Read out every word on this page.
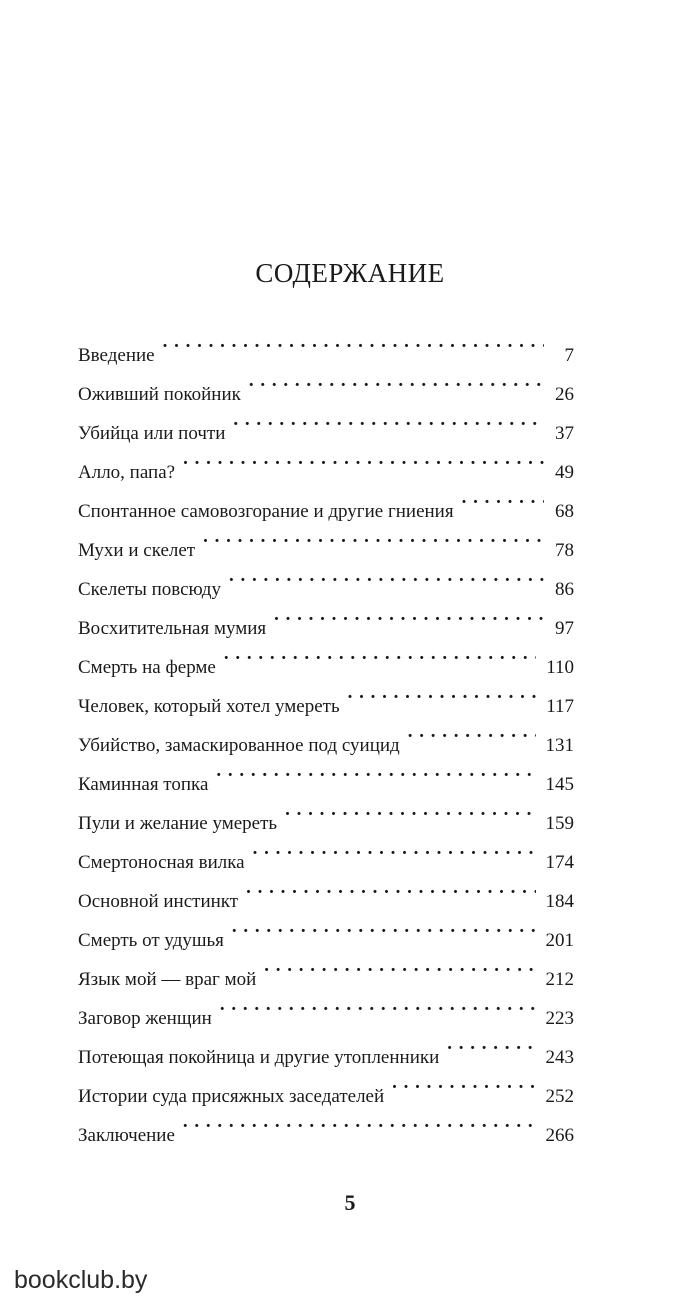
СОДЕРЖАНИЕ
Введение . . .	7
Оживший покойник . . .	26
Убийца или почти . . .	37
Алло, папа? . . .	49
Спонтанное самовозгорание и другие гниения . . .	68
Мухи и скелет . . .	78
Скелеты повсюду . . .	86
Восхитительная мумия . . .	97
Смерть на ферме . . .	110
Человек, который хотел умереть . . .	117
Убийство, замаскированное под суицид . . .	131
Каминная топка . . .	145
Пули и желание умереть . . .	159
Смертоносная вилка . . .	174
Основной инстинкт . . .	184
Смерть от удушья . . .	201
Язык мой — враг мой . . .	212
Заговор женщин . . .	223
Потеющая покойница и другие утопленники . . .	243
Истории суда присяжных заседателей . . .	252
Заключение . . .	266
5
bookclub.by
